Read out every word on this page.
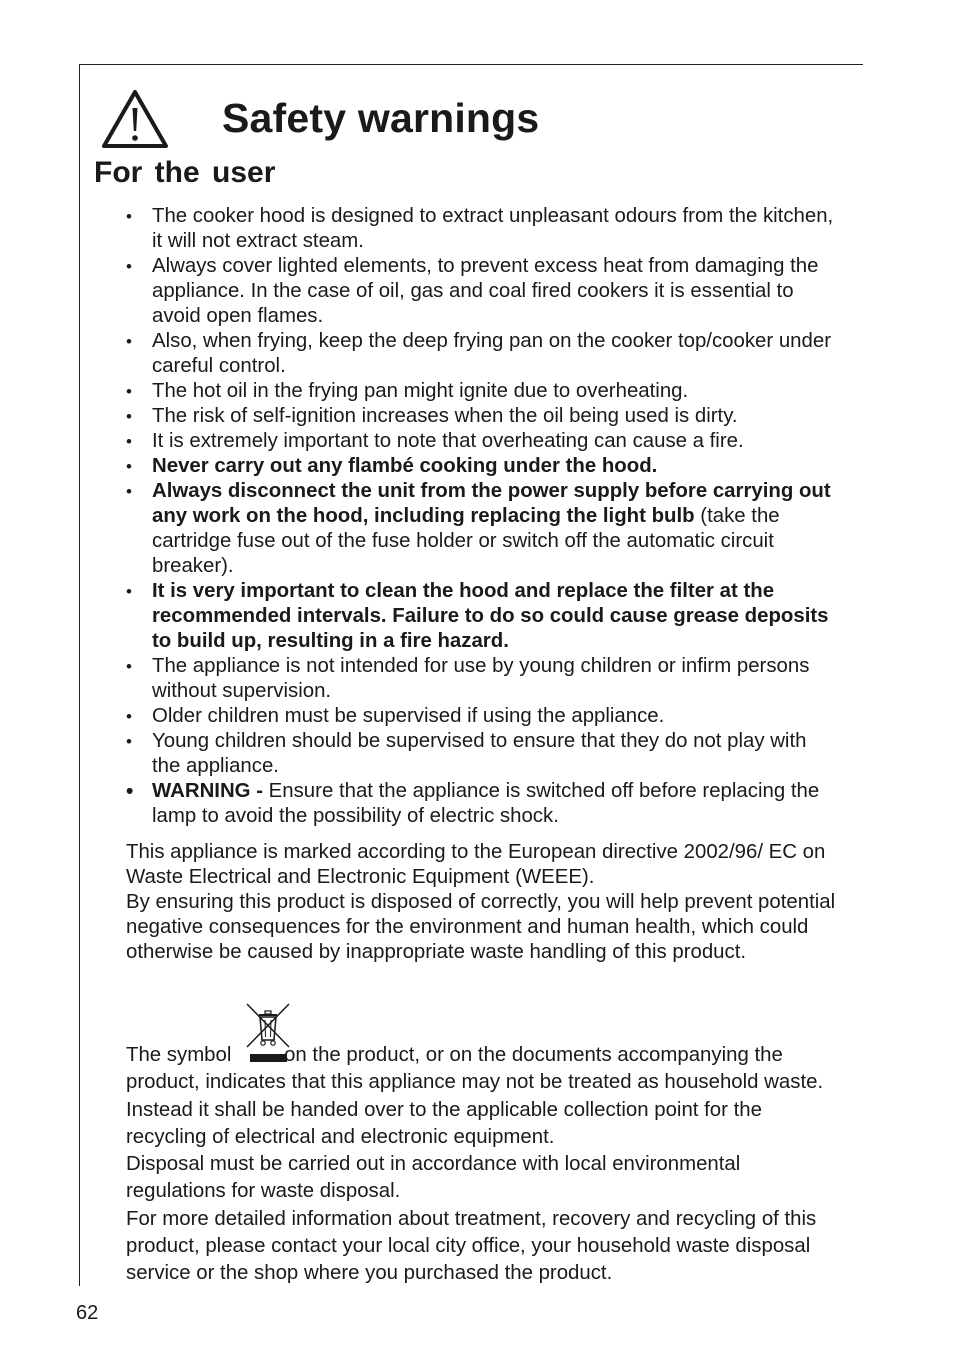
Safety warnings
For the user
• The cooker hood is designed to extract unpleasant odours from the kitchen, it will not extract steam.
• Always cover lighted elements, to prevent excess heat from damaging the appliance. In the case of oil, gas and coal fired cookers it is essential to avoid open flames.
• Also, when frying, keep the deep frying pan on the cooker top/cooker under careful control.
• The hot oil in the frying pan might ignite due to overheating.
• The risk of self-ignition increases when the oil being used is dirty.
• It is extremely important to note that overheating can cause a fire.
• Never carry out any flambé cooking under the hood.
• Always disconnect the unit from the power supply before carrying out any work on the hood, including replacing the light bulb (take the cartridge fuse out of the fuse holder or switch off the automatic circuit breaker).
• It is very important to clean the hood and replace the filter at the recommended intervals. Failure to do so could cause grease deposits to build up, resulting in a fire hazard.
• The appliance is not intended for use by young children or infirm persons without supervision.
• Older children must be supervised if using the appliance.
• Young children should be supervised to ensure that they do not play with the appliance.
• WARNING - Ensure that the appliance is switched off before replacing the lamp to avoid the possibility of electric shock.

This appliance is marked according to the European directive 2002/96/ EC on Waste Electrical and Electronic Equipment (WEEE).

By ensuring this product is disposed of correctly, you will help prevent potential negative consequences for the environment and human health, which could otherwise be caused by inappropriate waste handling of this product.

The symbol on the product, or on the documents accompanying the product, indicates that this appliance may not be treated as household waste. Instead it shall be handed over to the applicable collection point for the recycling of electrical and electronic equipment.

Disposal must be carried out in accordance with local environmental regulations for waste disposal.

For more detailed information about treatment, recovery and recycling of this product, please contact your local city office, your household waste disposal service or the shop where you purchased the product.

62
